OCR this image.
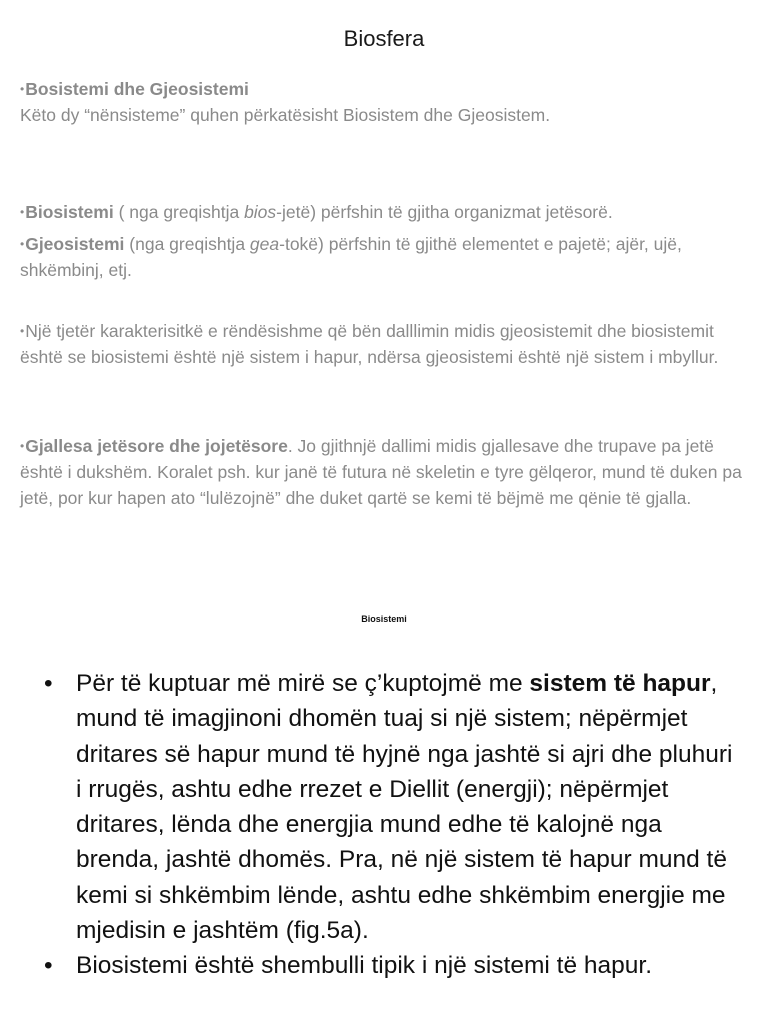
Biosfera
•Bosistemi dhe Gjeosistemi
Këto dy “nënsisteme” quhen përkatësisht Biosistem dhe Gjeosistem.
•Biosistemi ( nga greqishtja bios-jetë) përfshin të gjitha organizmat jetësorë.
•Gjeosistemi (nga greqishtja gea-tokë) përfshin të gjithë elementet e pajetë; ajër, ujë, shkëmbinj, etj.
•Një tjetër karakterisitkë e rëndësishme që bën dalllimin midis gjeosistemit dhe biosistemit është se biosistemi është një sistem i hapur, ndërsa gjeosistemi është një sistem i mbyllur.
•Gjallesa jetësore dhe jojetësore. Jo gjithnjë dallimi midis gjallesave dhe trupave pa jetë është i dukshëm. Koralet psh. kur janë të futura në skeletin e tyre gëlqeror, mund të duken pa jetë, por kur hapen ato “lulëzojnë” dhe duket qartë se kemi të bëjmë me qënie të gjalla.
Biosistemi
• Për të kuptuar më mirë se ç’kuptojmë me sistem të hapur, mund të imagjinoni dhomën tuaj si një sistem; nëpërmjet dritares së hapur mund të hyjnë nga jashtë si ajri dhe pluhuri i rrugës, ashtu edhe rrezet e Diellit (energji); nëpërmjet dritares, lënda dhe energjia mund edhe të kalojnë nga brenda, jashtë dhomës. Pra, në një sistem të hapur mund të kemi si shkëmbim lënde, ashtu edhe shkëmbim energjie me mjedisin e jashtëm (fig.5a).
• Biosistemi është shembulli tipik i një sistemi të hapur.
